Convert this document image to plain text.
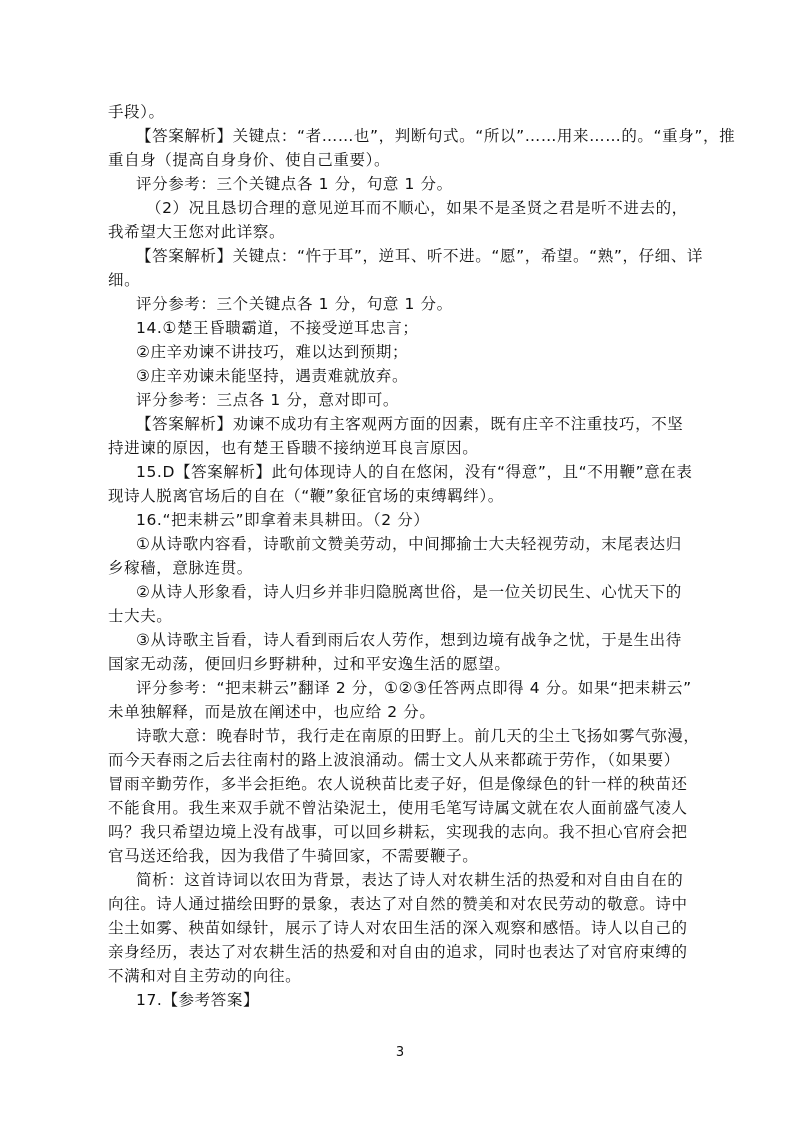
手段）。
【答案解析】关键点：“者……也”，判断句式。“所以”……用来……的。“重身”，推
重自身（提高自身身价、使自己重要）。
评分参考：三个关键点各 1 分，句意 1 分。
（2）况且恳切合理的意见逆耳而不顺心，如果不是圣贤之君是听不进去的，
我希望大王您对此详察。
【答案解析】关键点：“忤于耳”，逆耳、听不进。“愿”，希望。“熟”，仔细、详
细。
评分参考：三个关键点各 1 分，句意 1 分。
14.①楚王昏聩霸道，不接受逆耳忠言；
②庄辛劝谏不讲技巧，难以达到预期；
③庄辛劝谏未能坚持，遇责难就放弃。
评分参考：三点各 1 分，意对即可。
【答案解析】劝谏不成功有主客观两方面的因素，既有庄辛不注重技巧，不坚
持进谏的原因，也有楚王昏聩不接纳逆耳良言原因。
15.D【答案解析】此句体现诗人的自在悠闲，没有“得意”，且“不用鞭”意在表
现诗人脱离官场后的自在（“鞭”象征官场的束缚羁绊）。
16.“把耒耕云”即拿着耒具耕田。（2 分）
①从诗歌内容看，诗歌前文赞美劳动，中间揶揄士大夫轻视劳动，末尾表达归
乡稼穑，意脉连贯。
②从诗人形象看，诗人归乡并非归隐脱离世俗，是一位关切民生、心忧天下的
士大夫。
③从诗歌主旨看，诗人看到雨后农人劳作，想到边境有战争之忧，于是生出待
国家无动荡，便回归乡野耕种，过和平安逸生活的愿望。
评分参考：“把耒耕云”翻译 2 分，①②③任答两点即得 4 分。如果“把耒耕云”
未单独解释，而是放在阐述中，也应给 2 分。
诗歌大意：晚春时节，我行走在南原的田野上。前几天的尘土飞扬如雾气弥漫，
而今天春雨之后去往南村的路上波浪涌动。儒士文人从来都疏于劳作，（如果要）
冒雨辛勤劳作，多半会拒绝。农人说秧苗比麦子好，但是像绿色的针一样的秧苗还
不能食用。我生来双手就不曾沾染泥土，使用毛笔写诗属文就在农人面前盛气凌人
吗？我只希望边境上没有战事，可以回乡耕耘，实现我的志向。我不担心官府会把
官马送还给我，因为我借了牛骑回家，不需要鞭子。
简析：这首诗词以农田为背景，表达了诗人对农耕生活的热爱和对自由自在的
向往。诗人通过描绘田野的景象，表达了对自然的赞美和对农民劳动的敬意。诗中
尘土如雾、秧苗如绿针，展示了诗人对农田生活的深入观察和感悟。诗人以自己的
亲身经历，表达了对农耕生活的热爱和对自由的追求，同时也表达了对官府束缚的
不满和对自主劳动的向往。
17.【参考答案】
3
